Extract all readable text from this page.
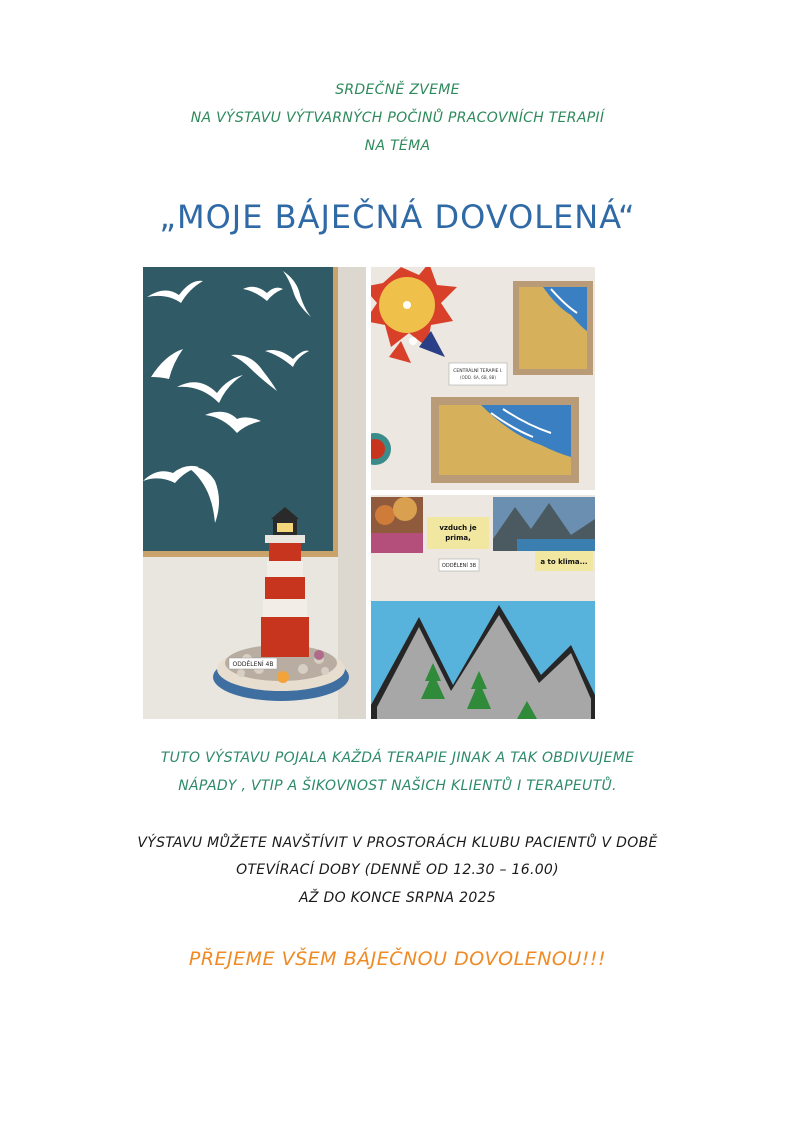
SRDEČNĚ ZVEME
NA VÝSTAVU VÝTVARNÝCH POČINŮ PRACOVNÍCH TERAPIÍ
NA TÉMA
„MOJE BÁJEČNÁ DOVOLENÁ“
ODDĚLENÍ 4B
CENTRÁLNÍ TERAPIE I.
(ODD. 6A, 6B, 8B)
vzduch je
prima,
a to klima...
ODDĚLENÍ 3B
TUTO VÝSTAVU POJALA KAŽDÁ TERAPIE JINAK A TAK OBDIVUJEME
NÁPADY , VTIP A ŠIKOVNOST NAŠICH KLIENTŮ I TERAPEUTŮ.
VÝSTAVU MŮŽETE NAVŠTÍVIT V PROSTORÁCH KLUBU PACIENTŮ V DOBĚ
OTEVÍRACÍ DOBY (DENNĚ OD 12.30 – 16.00)
AŽ DO KONCE SRPNA 2025
PŘEJEME VŠEM BÁJEČNOU DOVOLENOU!!!
